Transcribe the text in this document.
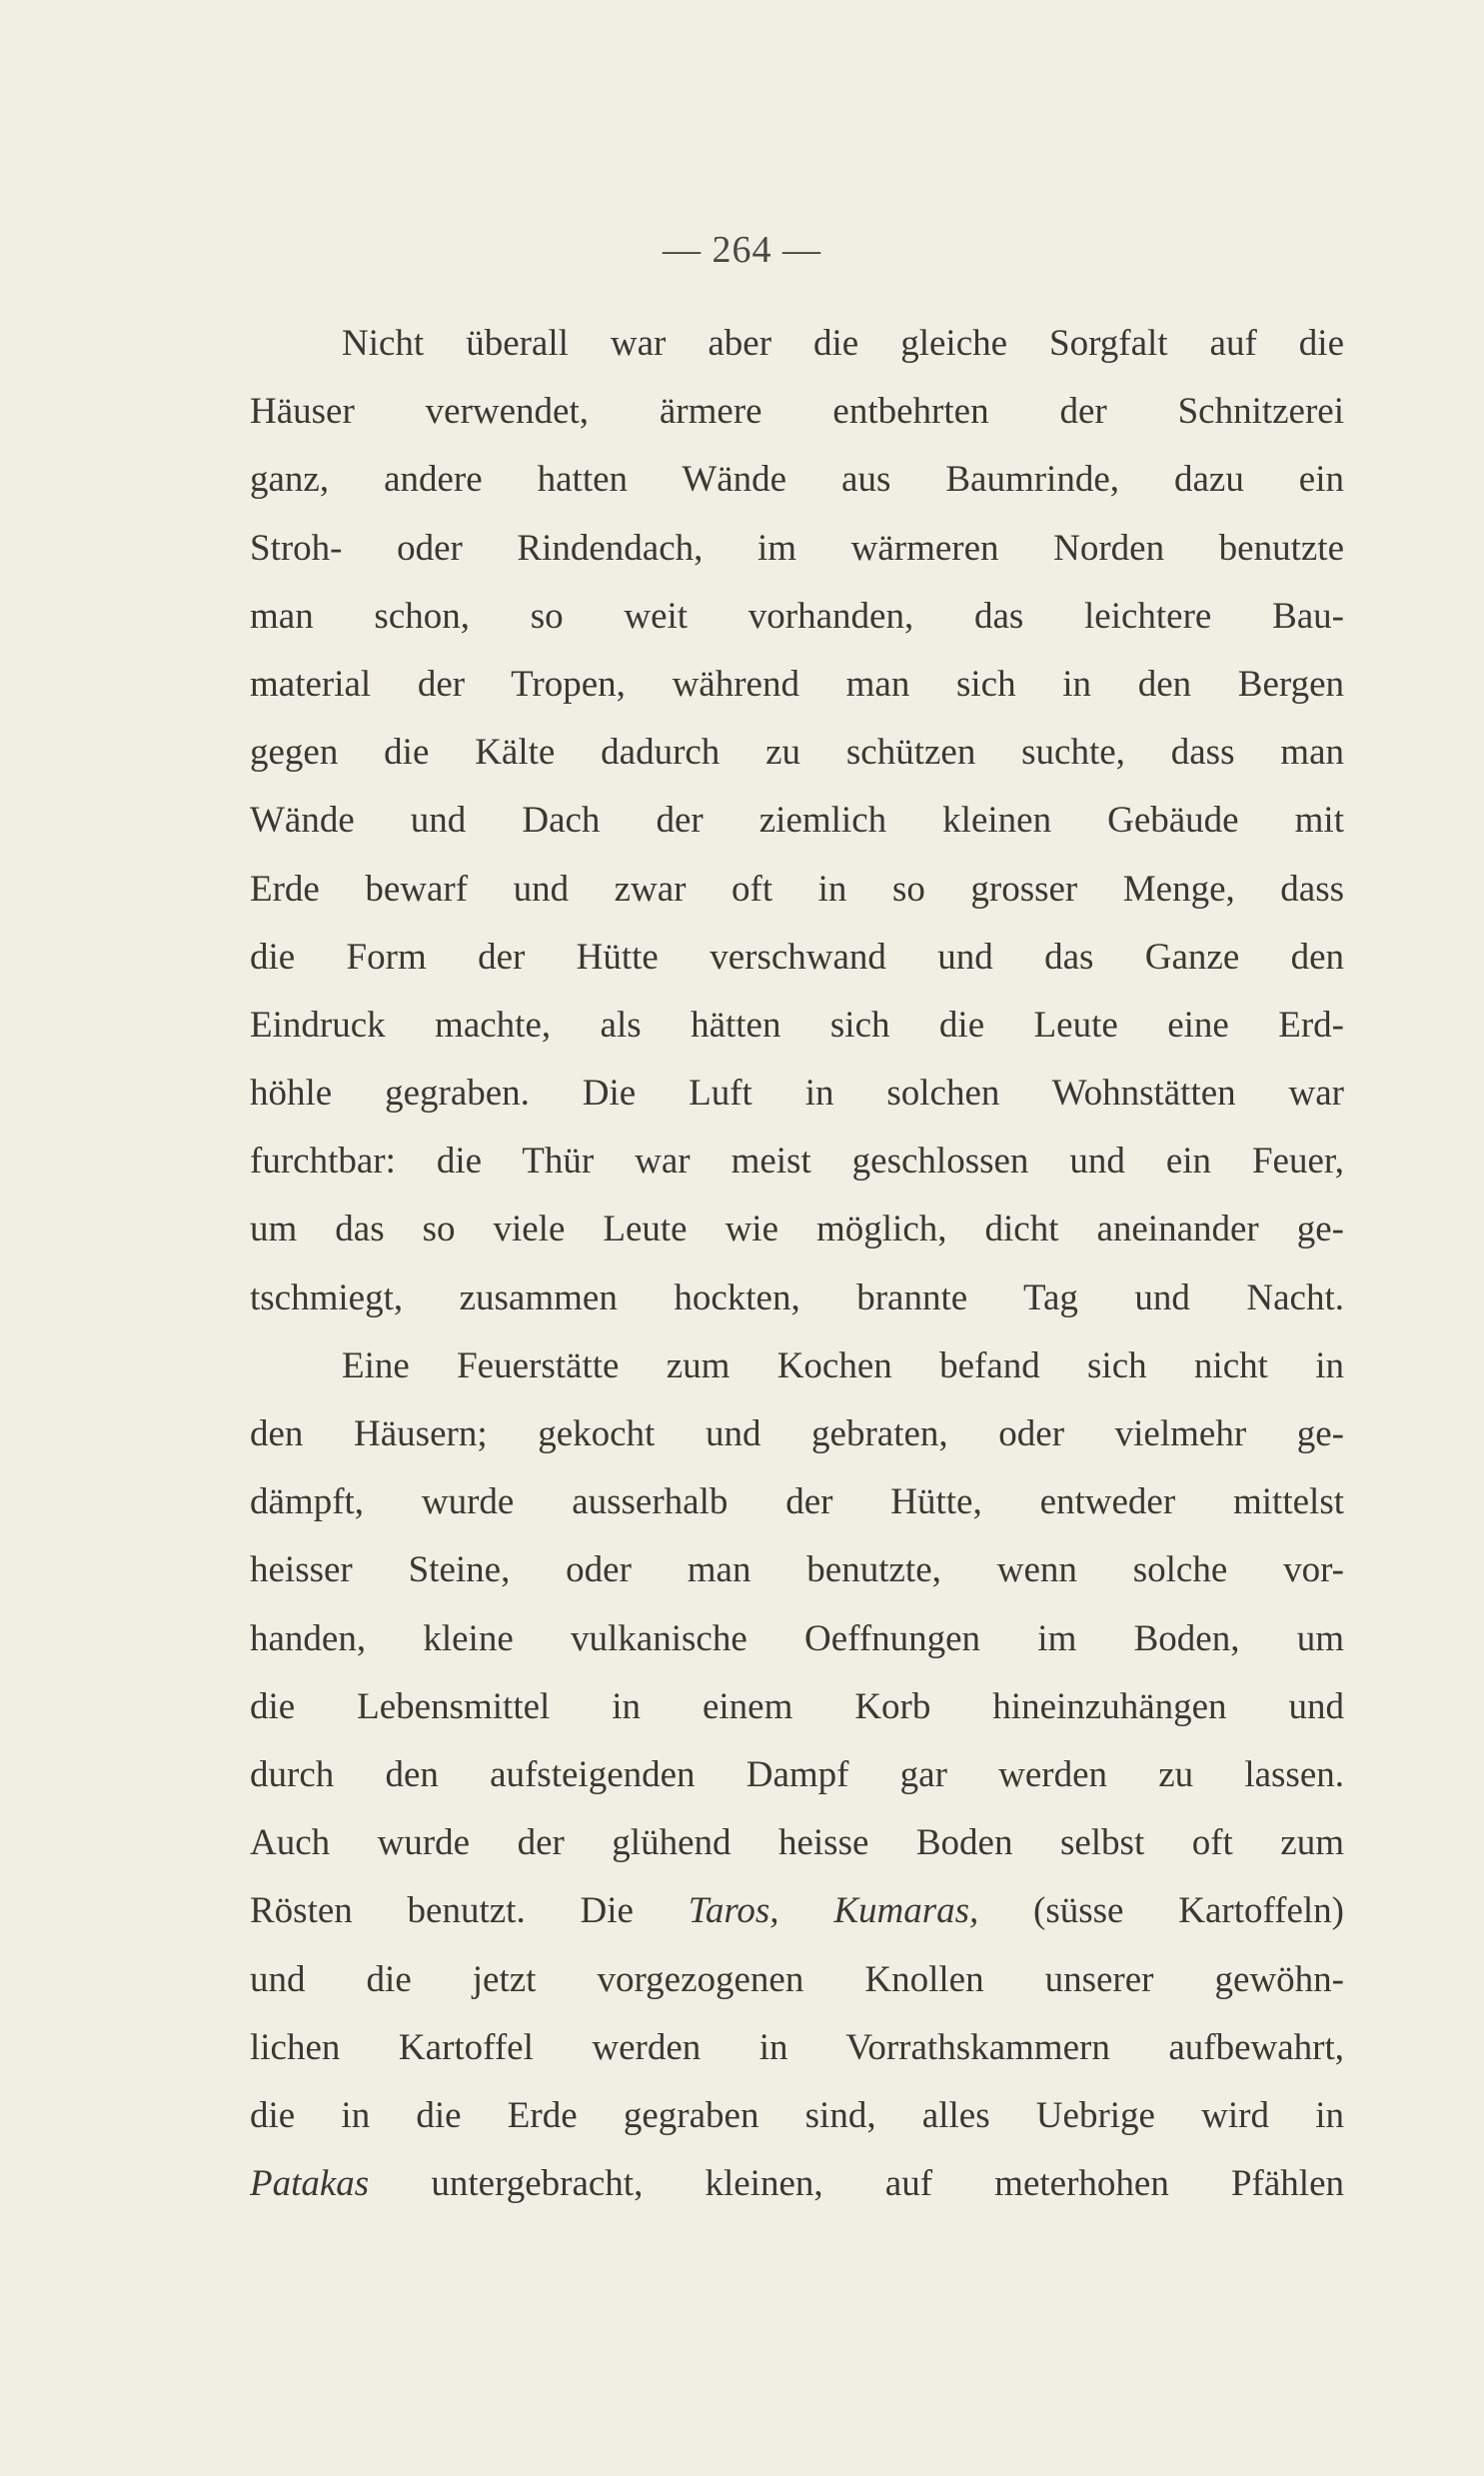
— 264 —
Nicht überall war aber die gleiche Sorgfalt auf die
Häuser verwendet, ärmere entbehrten der Schnitzerei
ganz, andere hatten Wände aus Baumrinde, dazu ein
Stroh- oder Rindendach, im wärmeren Norden benutzte
man schon, so weit vorhanden, das leichtere Bau-
material der Tropen, während man sich in den Bergen
gegen die Kälte dadurch zu schützen suchte, dass man
Wände und Dach der ziemlich kleinen Gebäude mit
Erde bewarf und zwar oft in so grosser Menge, dass
die Form der Hütte verschwand und das Ganze den
Eindruck machte, als hätten sich die Leute eine Erd-
höhle gegraben. Die Luft in solchen Wohnstätten war
furchtbar: die Thür war meist geschlossen und ein Feuer,
um das so viele Leute wie möglich, dicht aneinander ge-
tschmiegt, zusammen hockten, brannte Tag und Nacht.
Eine Feuerstätte zum Kochen befand sich nicht in
den Häusern; gekocht und gebraten, oder vielmehr ge-
dämpft, wurde ausserhalb der Hütte, entweder mittelst
heisser Steine, oder man benutzte, wenn solche vor-
handen, kleine vulkanische Oeffnungen im Boden, um
die Lebensmittel in einem Korb hineinzuhängen und
durch den aufsteigenden Dampf gar werden zu lassen.
Auch wurde der glühend heisse Boden selbst oft zum
Rösten benutzt. Die Taros, Kumaras, (süsse Kartoffeln)
und die jetzt vorgezogenen Knollen unserer gewöhn-
lichen Kartoffel werden in Vorrathskammern aufbewahrt,
die in die Erde gegraben sind, alles Uebrige wird in
Patakas untergebracht, kleinen, auf meterhohen Pfählen
